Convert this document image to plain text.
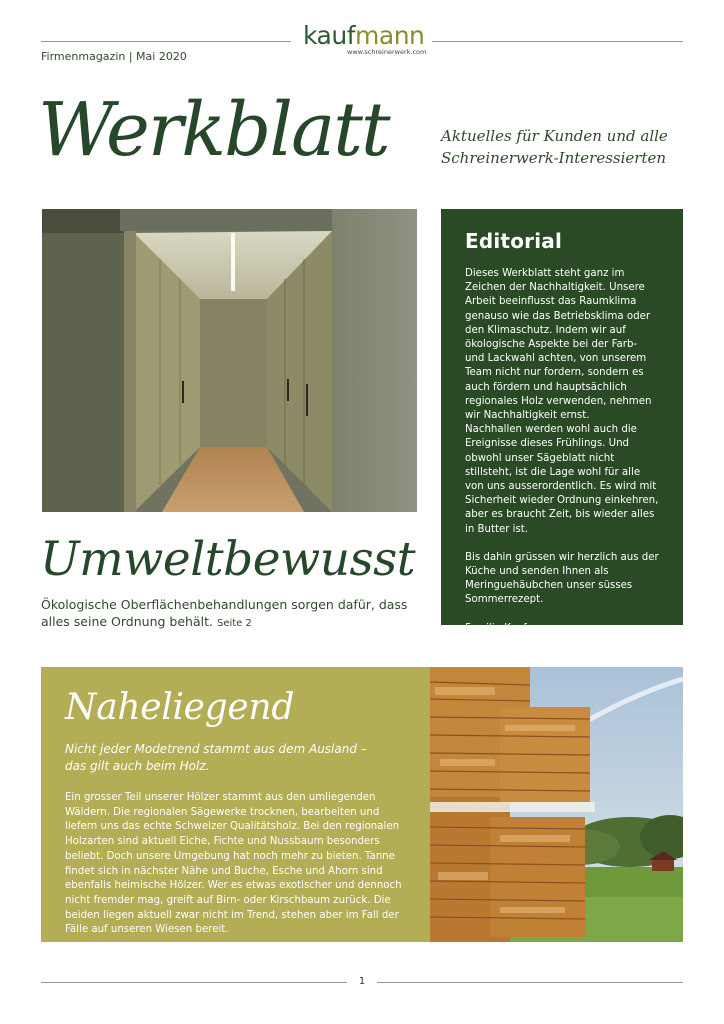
kaufmann
www.schreinerwerk.com
Firmenmagazin | Mai 2020
Werkblatt	Aktuelles für Kunden und alle
Schreinerwerk-Interessierten
Editorial

Dieses Werkblatt steht ganz im Zeichen der Nachhaltigkeit. Unsere Arbeit beeinflusst das Raumklima genauso wie das Betriebsklima oder den Klimaschutz. Indem wir auf ökologische Aspekte bei der Farb- und Lackwahl achten, von unserem Team nicht nur fordern, sondern es auch fördern und hauptsächlich regionales Holz verwenden, nehmen wir Nachhaltigkeit ernst.

Nachhallen werden wohl auch die Ereignisse dieses Frühlings. Und obwohl unser Sägeblatt nicht stillsteht, ist die Lage wohl für alle von uns ausserordentlich. Es wird mit Sicherheit wieder Ordnung einkehren, aber es braucht Zeit, bis wieder alles in Butter ist.

Bis dahin grüssen wir herzlich aus der Küche und senden Ihnen als Meringuehäubchen unser süsses Sommerrezept.

Familie Kaufmann

Umweltbewusst
Ökologische Oberflächenbehandlungen sorgen dafür, dass alles seine Ordnung behält. Seite 2
Naheliegend
Nicht jeder Modetrend stammt aus dem Ausland –
das gilt auch beim Holz.

Ein grosser Teil unserer Hölzer stammt aus den umliegenden Wäldern. Die regionalen Sägewerke trocknen, bearbeiten und liefern uns das echte Schweizer Qualitätsholz. Bei den regionalen Holzarten sind aktuell Eiche, Fichte und Nussbaum besonders beliebt. Doch unsere Umgebung hat noch mehr zu bieten. Tanne findet sich in nächster Nähe und Buche, Esche und Ahorn sind ebenfalls heimische Hölzer. Wer es etwas exotischer und dennoch nicht fremder mag, greift auf Birn- oder Kirschbaum zurück. Die beiden liegen aktuell zwar nicht im Trend, stehen aber im Fall der Fälle auf unseren Wiesen bereit.

1
